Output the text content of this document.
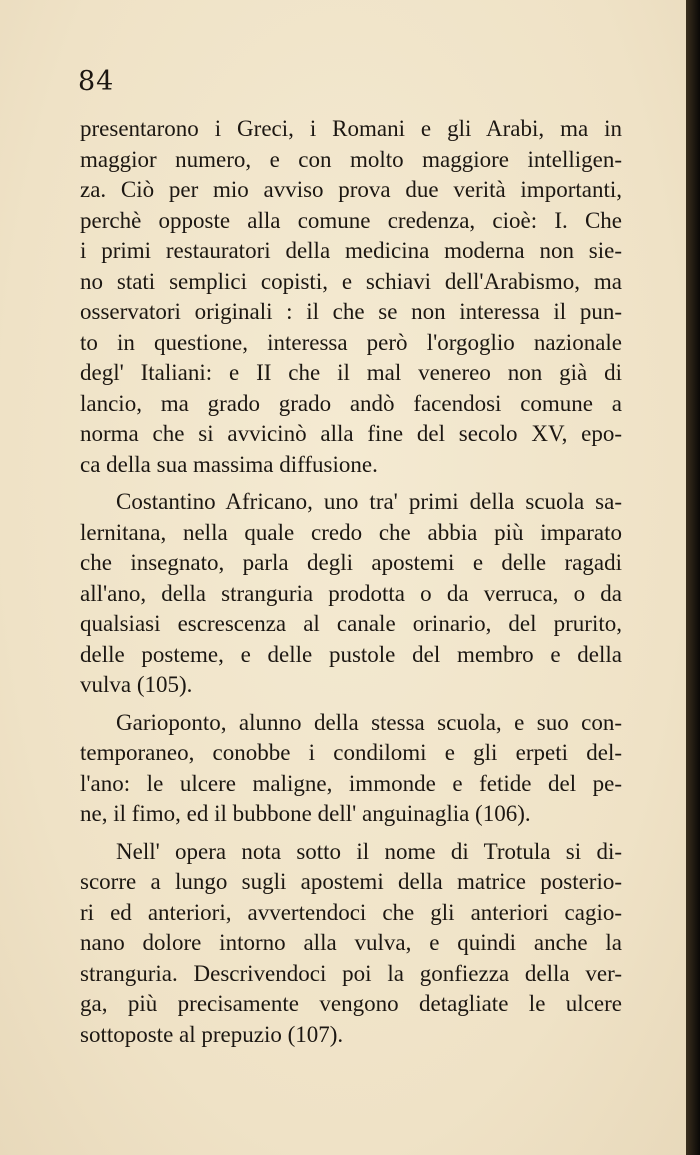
84
presentarono i Greci, i Romani e gli Arabi, ma in
maggior numero, e con molto maggiore intelligen-
za. Ciò per mio avviso prova due verità importanti,
perchè opposte alla comune credenza, cioè: I. Che
i primi restauratori della medicina moderna non sie-
no stati semplici copisti, e schiavi dell'Arabismo, ma
osservatori originali : il che se non interessa il pun-
to in questione, interessa però l'orgoglio nazionale
degl' Italiani: e II che il mal venereo non già di
lancio, ma grado grado andò facendosi comune a
norma che si avvicinò alla fine del secolo XV, epo-
ca della sua massima diffusione.
Costantino Africano, uno tra' primi della scuola sa-
lernitana, nella quale credo che abbia più imparato
che insegnato, parla degli apostemi e delle ragadi
all'ano, della stranguria prodotta o da verruca, o da
qualsiasi escrescenza al canale orinario, del prurito,
delle posteme, e delle pustole del membro e della
vulva (105).
Garioponto, alunno della stessa scuola, e suo con-
temporaneo, conobbe i condilomi e gli erpeti del-
l'ano: le ulcere maligne, immonde e fetide del pe-
ne, il fimo, ed il bubbone dell' anguinaglia (106).
Nell' opera nota sotto il nome di Trotula si di-
scorre a lungo sugli apostemi della matrice posterio-
ri ed anteriori, avvertendoci che gli anteriori cagio-
nano dolore intorno alla vulva, e quindi anche la
stranguria. Descrivendoci poi la gonfiezza della ver-
ga, più precisamente vengono detagliate le ulcere
sottoposte al prepuzio (107).
